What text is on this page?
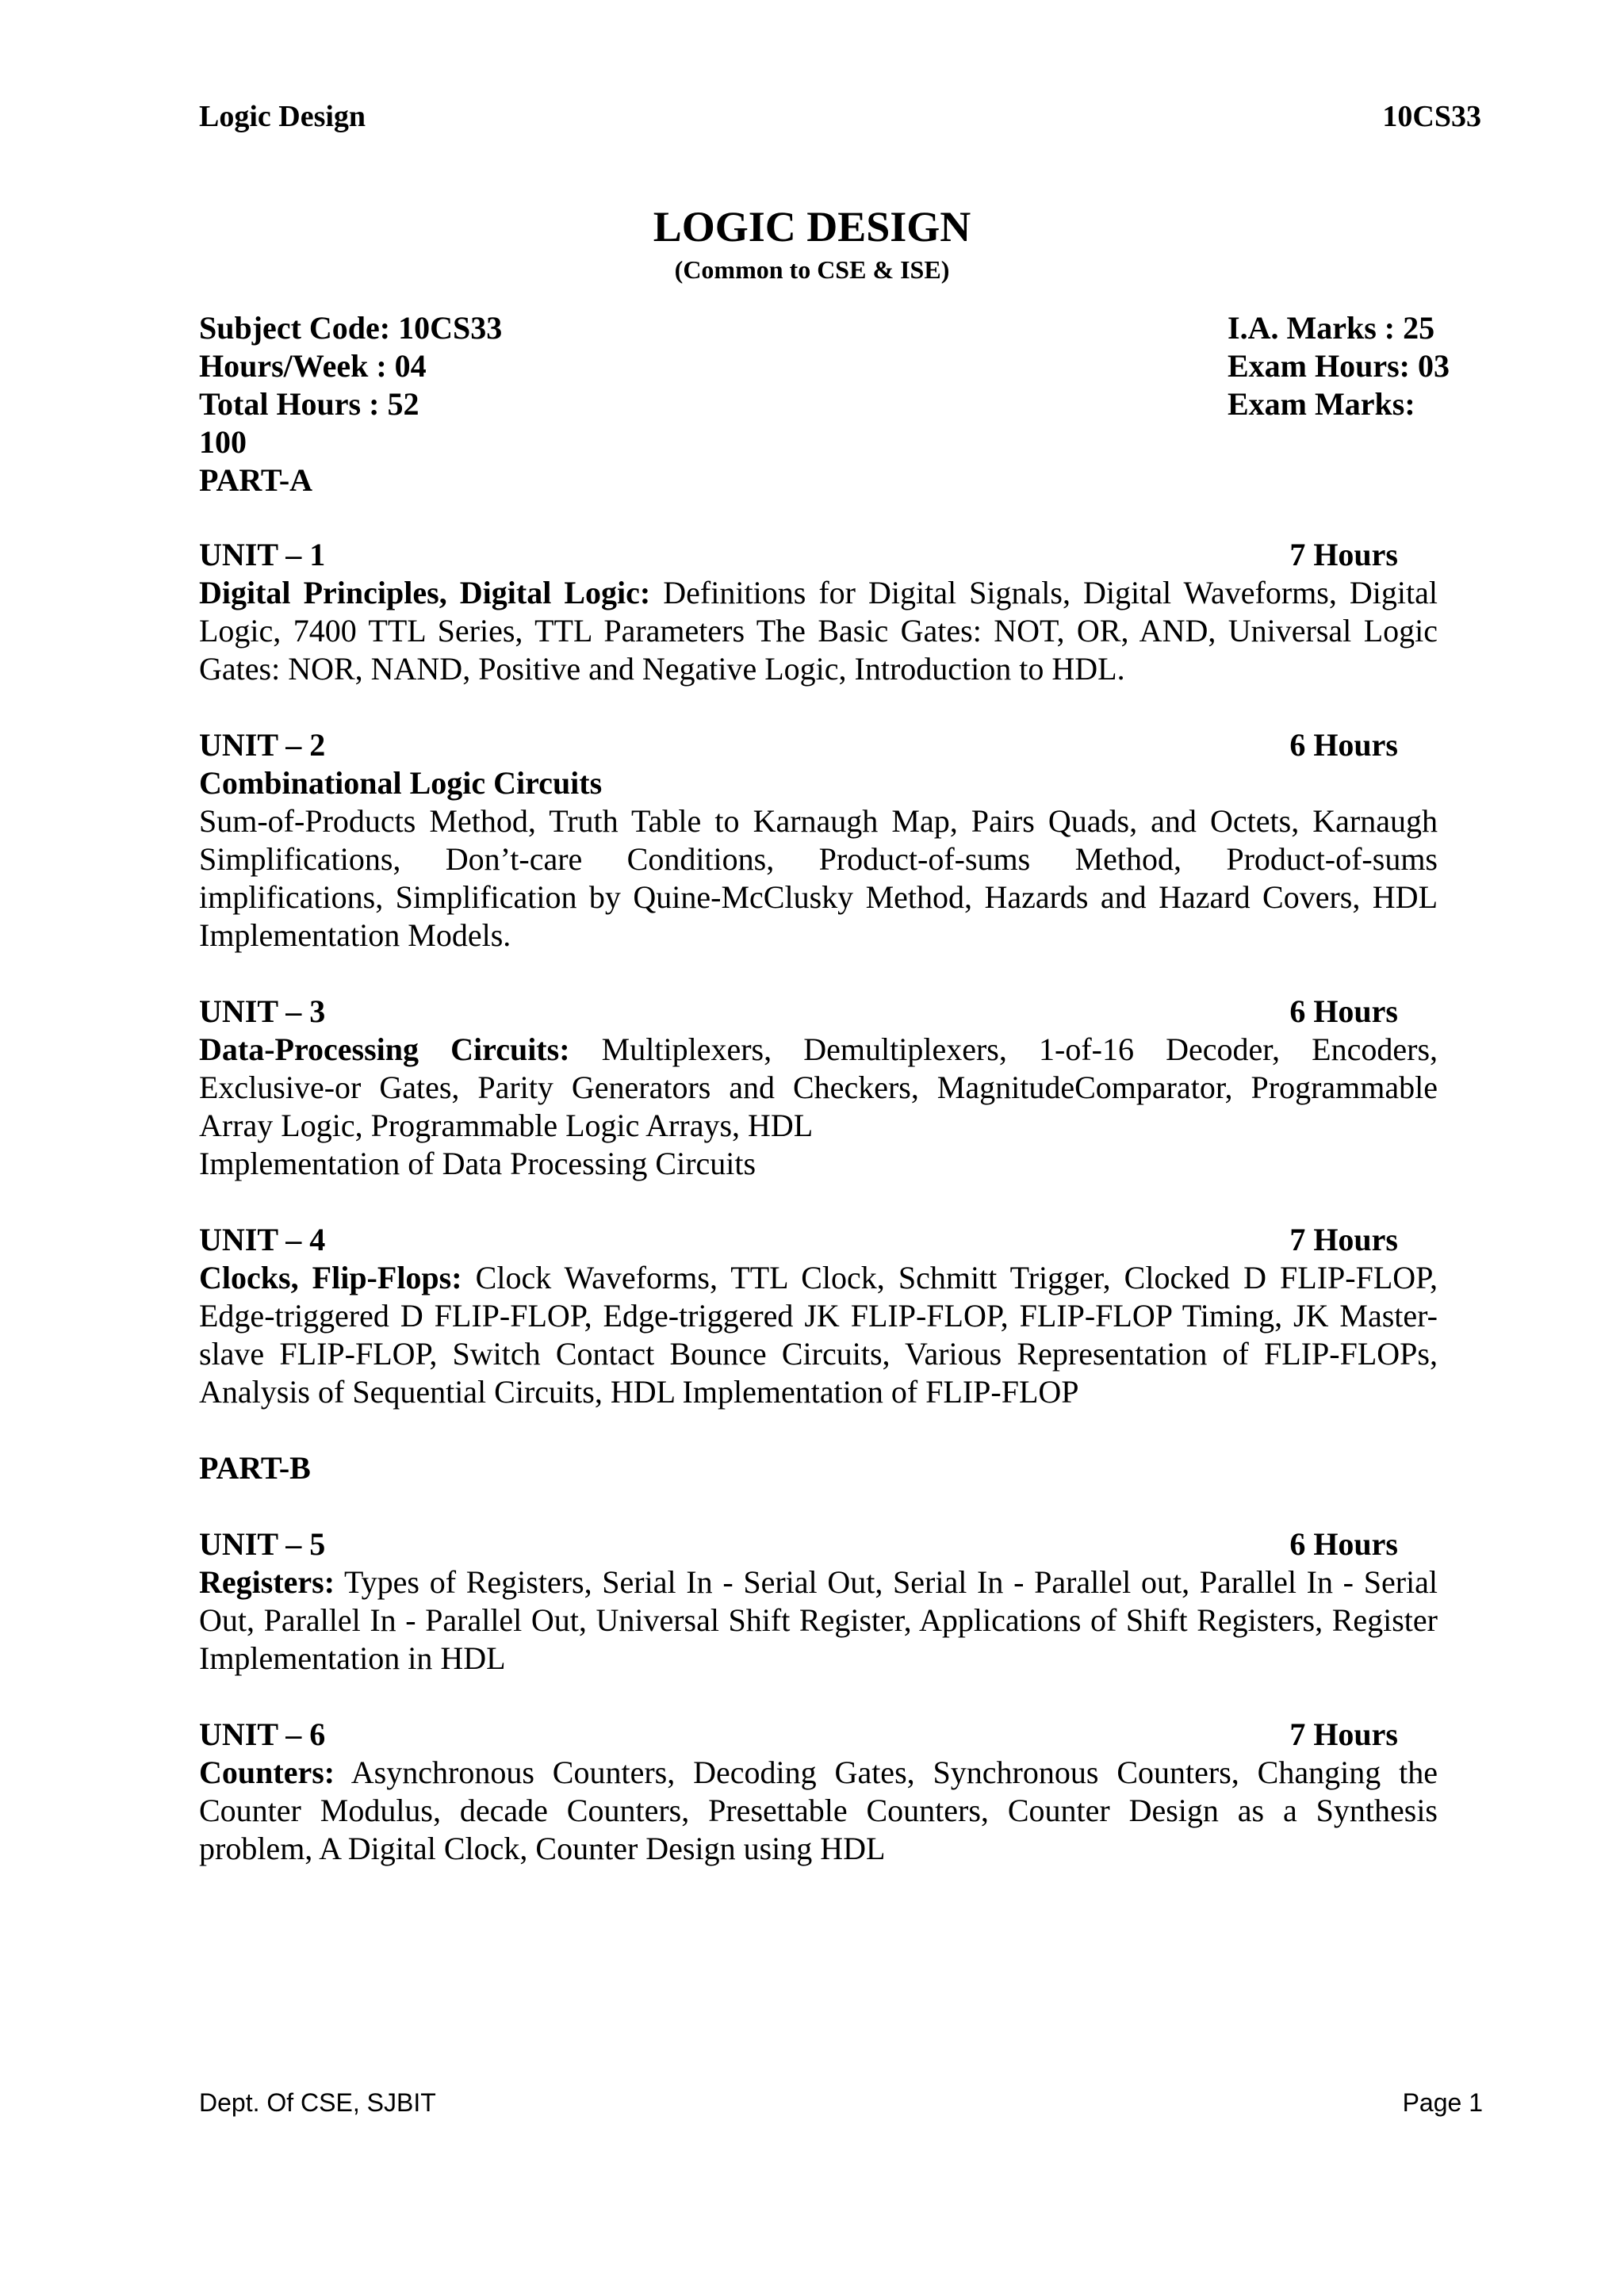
Logic Design	10CS33

LOGIC DESIGN

(Common to CSE & ISE)

Subject Code: 10CS33	I.A. Marks : 25
Hours/Week : 04	Exam Hours: 03
Total Hours : 52	Exam Marks:
100
PART-A
UNIT – 1	7 Hours
Digital Principles, Digital Logic: Definitions for Digital Signals, Digital Waveforms, Digital Logic, 7400 TTL Series, TTL Parameters The Basic Gates: NOT, OR, AND, Universal Logic Gates: NOR, NAND, Positive and Negative Logic, Introduction to HDL.
UNIT – 2	6 Hours
Combinational Logic Circuits
Sum-of-Products Method, Truth Table to Karnaugh Map, Pairs Quads, and Octets, Karnaugh Simplifications, Don’t-care Conditions, Product-of-sums Method, Product-of-sums implifications, Simplification by Quine-McClusky Method, Hazards and Hazard Covers, HDL Implementation Models.
UNIT – 3	6 Hours
Data-Processing Circuits: Multiplexers, Demultiplexers, 1-of-16 Decoder, Encoders, Exclusive-or Gates, Parity Generators and Checkers, MagnitudeComparator, Programmable Array Logic, Programmable Logic Arrays, HDL
Implementation of Data Processing Circuits
UNIT – 4	7 Hours
Clocks, Flip-Flops: Clock Waveforms, TTL Clock, Schmitt Trigger, Clocked D FLIP-FLOP, Edge-triggered D FLIP-FLOP, Edge-triggered JK FLIP-FLOP, FLIP-FLOP Timing, JK Master-slave FLIP-FLOP, Switch Contact Bounce Circuits, Various Representation of FLIP-FLOPs, Analysis of Sequential Circuits, HDL Implementation of FLIP-FLOP
PART-B
UNIT – 5	6 Hours
Registers: Types of Registers, Serial In - Serial Out, Serial In - Parallel out, Parallel In - Serial Out, Parallel In - Parallel Out, Universal Shift Register, Applications of Shift Registers, Register Implementation in HDL
UNIT – 6	7 Hours
Counters: Asynchronous Counters, Decoding Gates, Synchronous Counters, Changing the Counter Modulus, decade Counters, Presettable Counters, Counter Design as a Synthesis problem, A Digital Clock, Counter Design using HDL
Dept. Of CSE, SJBIT	Page 1
